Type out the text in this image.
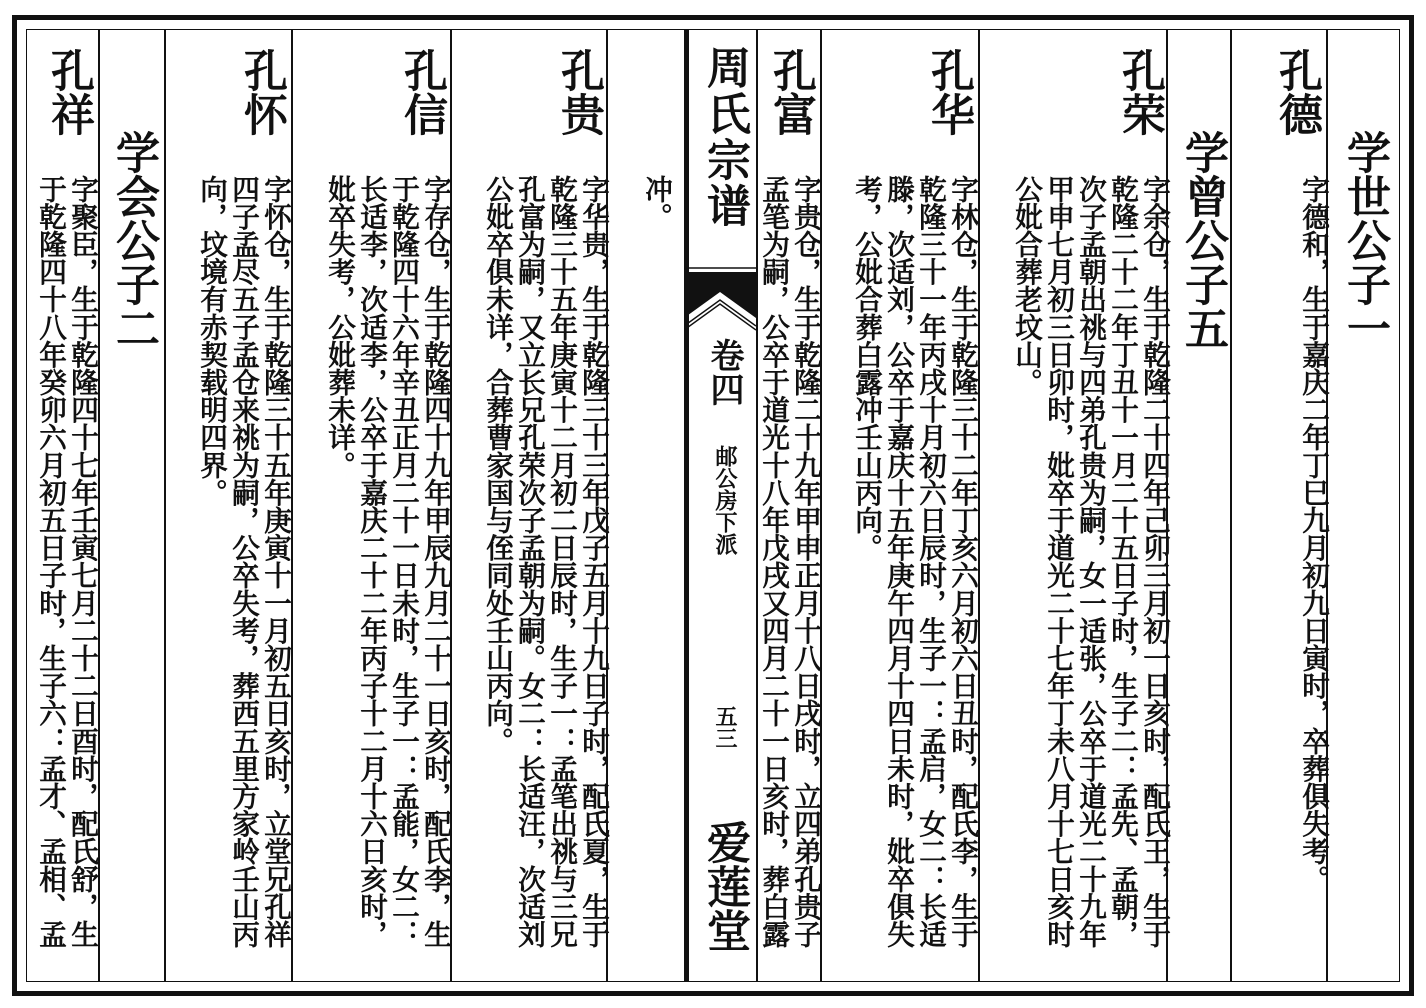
周氏宗谱
卷四
邮公房下派
五三
爱莲堂
学世公子一
孔德
字德和，生于嘉庆二年丁巳九月初九日寅时，卒葬俱失考。
学曾公子五
孔荣
字余仓，生于乾隆二十四年己卯三月初一日亥时，配氏王，生于
乾隆二十二年丁丑十一月二十五日子时，生子二：孟先、孟朝，
次子孟朝出祧与四弟孔贵为嗣，女一适张，公卒于道光二十九年
甲申七月初三日卯时，妣卒于道光二十七年丁未八月十七日亥时
公妣合葬老坟山。
孔华
字林仓，生于乾隆三十二年丁亥六月初六日丑时，配氏李，生于
乾隆三十一年丙戌十月初六日辰时，生子一：孟启，女二：长适
滕，次适刘，公卒于嘉庆十五年庚午四月十四日未时，妣卒俱失
考，公妣合葬白露冲壬山丙向。
孔富
字贵仓，生于乾隆二十九年甲申正月十八日戌时，立四弟孔贵子
孟笔为嗣，公卒于道光十八年戊戌又四月二十一日亥时，葬白露
冲。
孔贵
字华贵，生于乾隆三十三年戊子五月十九日子时，配氏夏，生于
乾隆三十五年庚寅十二月初二日辰时，生子一：孟笔出祧与三兄
孔富为嗣，又立长兄孔荣次子孟朝为嗣。女二：长适汪，次适刘
公妣卒俱未详，合葬曹家国与侄同处壬山丙向。
孔信
字存仓，生于乾隆四十九年甲辰九月二十一日亥时，配氏李，生
于乾隆四十六年辛丑正月二十一日未时，生子一：孟能，女二：
长适李，次适李，公卒于嘉庆二十二年丙子十二月十六日亥时，
妣卒失考，公妣葬未详。
孔怀
字怀仓，生于乾隆三十五年庚寅十一月初五日亥时，立堂兄孔祥
四子孟尽五子孟仓来祧为嗣，公卒失考，葬西五里方家岭壬山丙
向，坟境有赤契载明四界。
学会公子二
孔祥
字聚臣，生于乾隆四十七年壬寅七月二十二日酉时，配氏舒，生
于乾隆四十八年癸卯六月初五日子时，生子六：孟才、孟相、孟
